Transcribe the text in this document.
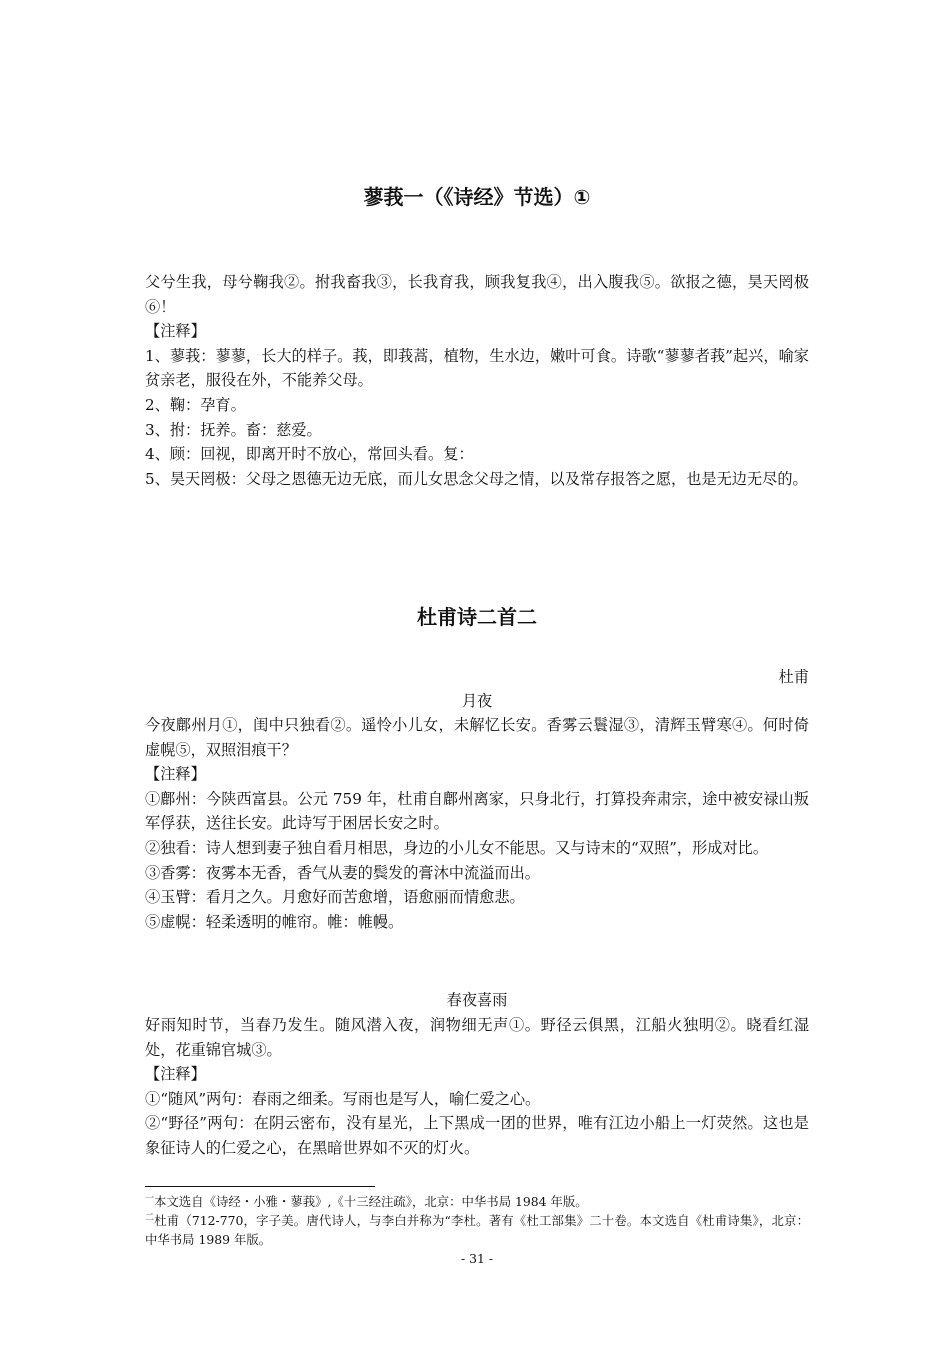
蓼莪一（《诗经》节选）①

父兮生我，母兮鞠我②。拊我畜我③，长我育我，顾我复我④，出入腹我⑤。欲报之德，昊天罔极⑥！

【注释】

1、蓼莪：蓼蓼，长大的样子。莪，即莪蒿，植物，生水边，嫩叶可食。诗歌“蓼蓼者莪”起兴，喻家贫亲老，服役在外，不能养父母。

2、鞠：孕育。

3、拊：抚养。畜：慈爱。

4、顾：回视，即离开时不放心，常回头看。复：

5、昊天罔极：父母之恩德无边无底，而儿女思念父母之情，以及常存报答之愿，也是无边无尽的。

杜甫诗二首二
杜甫
月夜

今夜鄜州月①，闺中只独看②。遥怜小儿女，未解忆长安。香雾云鬟湿③，清辉玉臂寒④。何时倚虚幌⑤，双照泪痕干？

【注释】

①鄜州：今陕西富县。公元 759 年，杜甫自鄜州离家，只身北行，打算投奔肃宗，途中被安禄山叛军俘获，送往长安。此诗写于困居长安之时。

②独看：诗人想到妻子独自看月相思，身边的小儿女不能思。又与诗末的“双照”，形成对比。

③香雾：夜雾本无香，香气从妻的鬓发的膏沐中流溢而出。

④玉臂：看月之久。月愈好而苦愈增，语愈丽而情愈悲。

⑤虚幌：轻柔透明的帷帘。帷：帷幔。

春夜喜雨

好雨知时节，当春乃发生。随风潜入夜，润物细无声①。野径云俱黑，江船火独明②。晓看红湿处，花重锦官城③。

【注释】

①“随风”两句：春雨之细柔。写雨也是写人，喻仁爱之心。

②“野径”两句：在阴云密布，没有星光，上下黑成一团的世界，唯有江边小船上一灯荧然。这也是象征诗人的仁爱之心，在黑暗世界如不灭的灯火。

$^一$本文选自《诗经・小雅・蓼莪》,《十三经注疏》，北京：中华书局 1984 年版。

$^二$杜甫（712-770，字子美。唐代诗人，与李白并称为“李杜。著有《杜工部集》二十卷。本文选自《杜甫诗集》，北京：中华书局 1989 年版。

- 31 -
